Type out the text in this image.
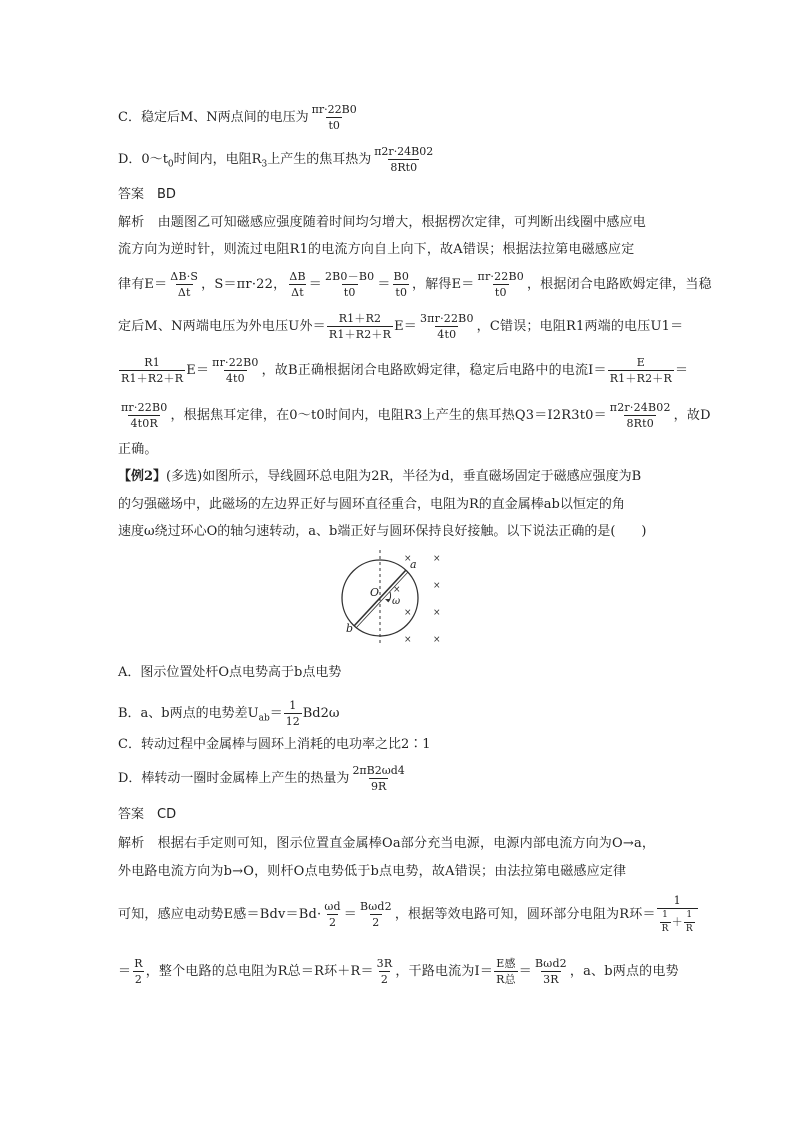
C．稳定后M、N两点间的电压为 $\frac{\pi r\cdot 22B0}{t0}$
D．$0\sim t_0$时间内，电阻$R_3$上产生的焦耳热为 $\frac{\pi 2r\cdot 24B02}{8Rt0}$
答案　BD
解析　由题图乙可知磁感应强度随着时间均匀增大，根据楞次定律，可判断出线圈中感应电
流方向为逆时针，则流过电阻R1的电流方向自上向下，故A错误；根据法拉第电磁感应定
律有$E= \frac{\Delta B\cdot S}{\Delta t}$ ，S＝πr·22， $\frac{\Delta B}{\Delta t} = \frac{2B0-B0}{t0} = \frac{B0}{t0}$ ，解得$E= \frac{\pi r\cdot 22B0}{t0}$ ，根据闭合电路欧姆定律，当稳
定后M、N两端电压为外电压U外＝ $\frac{R1+R2}{R1+R2+R} E= \frac{3\pi r\cdot 22B0}{4t0}$ ，C错误；电阻R1两端的电压U1＝
$\frac{R1}{R1+R2+R} E= \frac{\pi r\cdot 22B0}{4t0}$ ，故B正确根据闭合电路欧姆定律，稳定后电路中的电流$I= \frac{E}{R1+R2+R}$ ＝
$\frac{\pi r\cdot 22B0}{4t0R}$ ，根据焦耳定律，在0～t0时间内，电阻R3上产生的焦耳热$Q3=I2R3t0= \frac{\pi 2r\cdot 24B02}{8Rt0}$ ，故D
正确。
【例2】(多选)如图所示，导线圆环总电阻为2R，半径为d，垂直磁场固定于磁感应强度为B
的匀强磁场中，此磁场的左边界正好与圆环直径重合，电阻为R的直金属棒ab以恒定的角
速度ω绕过环心O的轴匀速转动，a、b端正好与圆环保持良好接触。以下说法正确的是(　　)
a
b
O
ω
× ×
×
× ×
× ×
×
A．图示位置处杆O点电势高于b点电势
B．a、b两点的电势差$U_{ab}= \frac{1}{12} Bd2\omega$
C．转动过程中金属棒与圆环上消耗的电功率之比2∶1
D．棒转动一圈时金属棒上产生的热量为 $\frac{2\pi B2\omega d4}{9R}$
答案　CD
解析　根据右手定则可知，图示位置直金属棒Oa部分充当电源，电源内部电流方向为O→a，
外电路电流方向为b→O，则杆O点电势低于b点电势，故A错误；由法拉第电磁感应定律
可知，感应电动势E感$=Bdv=Bd\cdot \frac{\omega d}{2} = \frac{\text{Bωd2}}{2}$ ，根据等效电路可知，圆环部分电阻为R环＝ $\frac{1}{\frac{1}{R} + \frac{1}{R}}$
＝ $\frac{R}{2}$ ，整个电路的总电阻为R总＝R环$+R= \frac{3R}{2}$ ，干路电流为$I= \frac{\text{E感}}{\text{R总}} = \frac{\text{Bωd2}}{3R}$ ，a、b两点的电势
